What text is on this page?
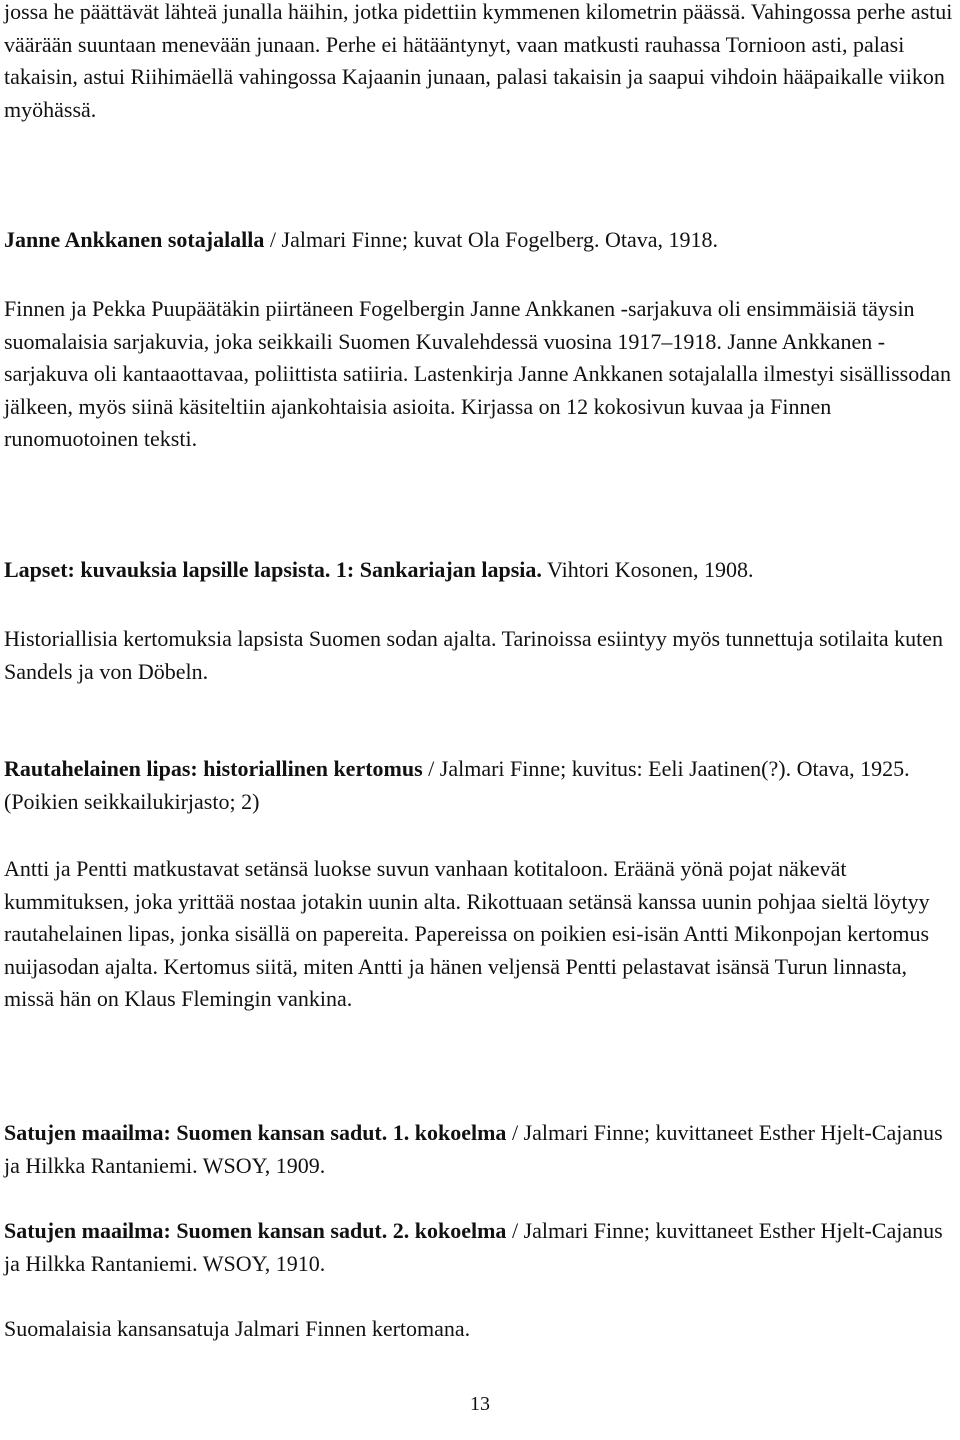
jossa he päättävät lähteä junalla häihin, jotka pidettiin kymmenen kilometrin päässä. Vahingossa perhe astui väärään suuntaan menevään junaan. Perhe ei hätääntynyt, vaan matkusti rauhassa Tornioon asti, palasi takaisin, astui Riihimäellä vahingossa Kajaanin junaan, palasi takaisin ja saapui vihdoin hääpaikalle viikon myöhässä.

Janne Ankkanen sotajalalla / Jalmari Finne; kuvat Ola Fogelberg. Otava, 1918.

Finnen ja Pekka Puupäätäkin piirtäneen Fogelbergin Janne Ankkanen -sarjakuva oli ensimmäisiä täysin suomalaisia sarjakuvia, joka seikkaili Suomen Kuvalehdessä vuosina 1917–1918. Janne Ankkanen -sarjakuva oli kantaaottavaa, poliittista satiiria. Lastenkirja Janne Ankkanen sotajalalla ilmestyi sisällissodan jälkeen, myös siinä käsiteltiin ajankohtaisia asioita. Kirjassa on 12 kokosivun kuvaa ja Finnen runomuotoinen teksti.

Lapset: kuvauksia lapsille lapsista. 1: Sankariajan lapsia. Vihtori Kosonen, 1908.

Historiallisia kertomuksia lapsista Suomen sodan ajalta. Tarinoissa esiintyy myös tunnettuja sotilaita kuten Sandels ja von Döbeln.

Rautahelainen lipas: historiallinen kertomus / Jalmari Finne; kuvitus: Eeli Jaatinen(?). Otava, 1925. (Poikien seikkailukirjasto; 2)

Antti ja Pentti matkustavat setänsä luokse suvun vanhaan kotitaloon. Eräänä yönä pojat näkevät kummituksen, joka yrittää nostaa jotakin uunin alta. Rikottuaan setänsä kanssa uunin pohjaa sieltä löytyy rautahelainen lipas, jonka sisällä on papereita. Papereissa on poikien esi-isän Antti Mikonpojan kertomus nuijasodan ajalta. Kertomus siitä, miten Antti ja hänen veljensä Pentti pelastavat isänsä Turun linnasta, missä hän on Klaus Flemingin vankina.

Satujen maailma: Suomen kansan sadut. 1. kokoelma / Jalmari Finne; kuvittaneet Esther Hjelt-Cajanus ja Hilkka Rantaniemi. WSOY, 1909.

Satujen maailma: Suomen kansan sadut. 2. kokoelma / Jalmari Finne; kuvittaneet Esther Hjelt-Cajanus ja Hilkka Rantaniemi. WSOY, 1910.

Suomalaisia kansansatuja Jalmari Finnen kertomana.

13
